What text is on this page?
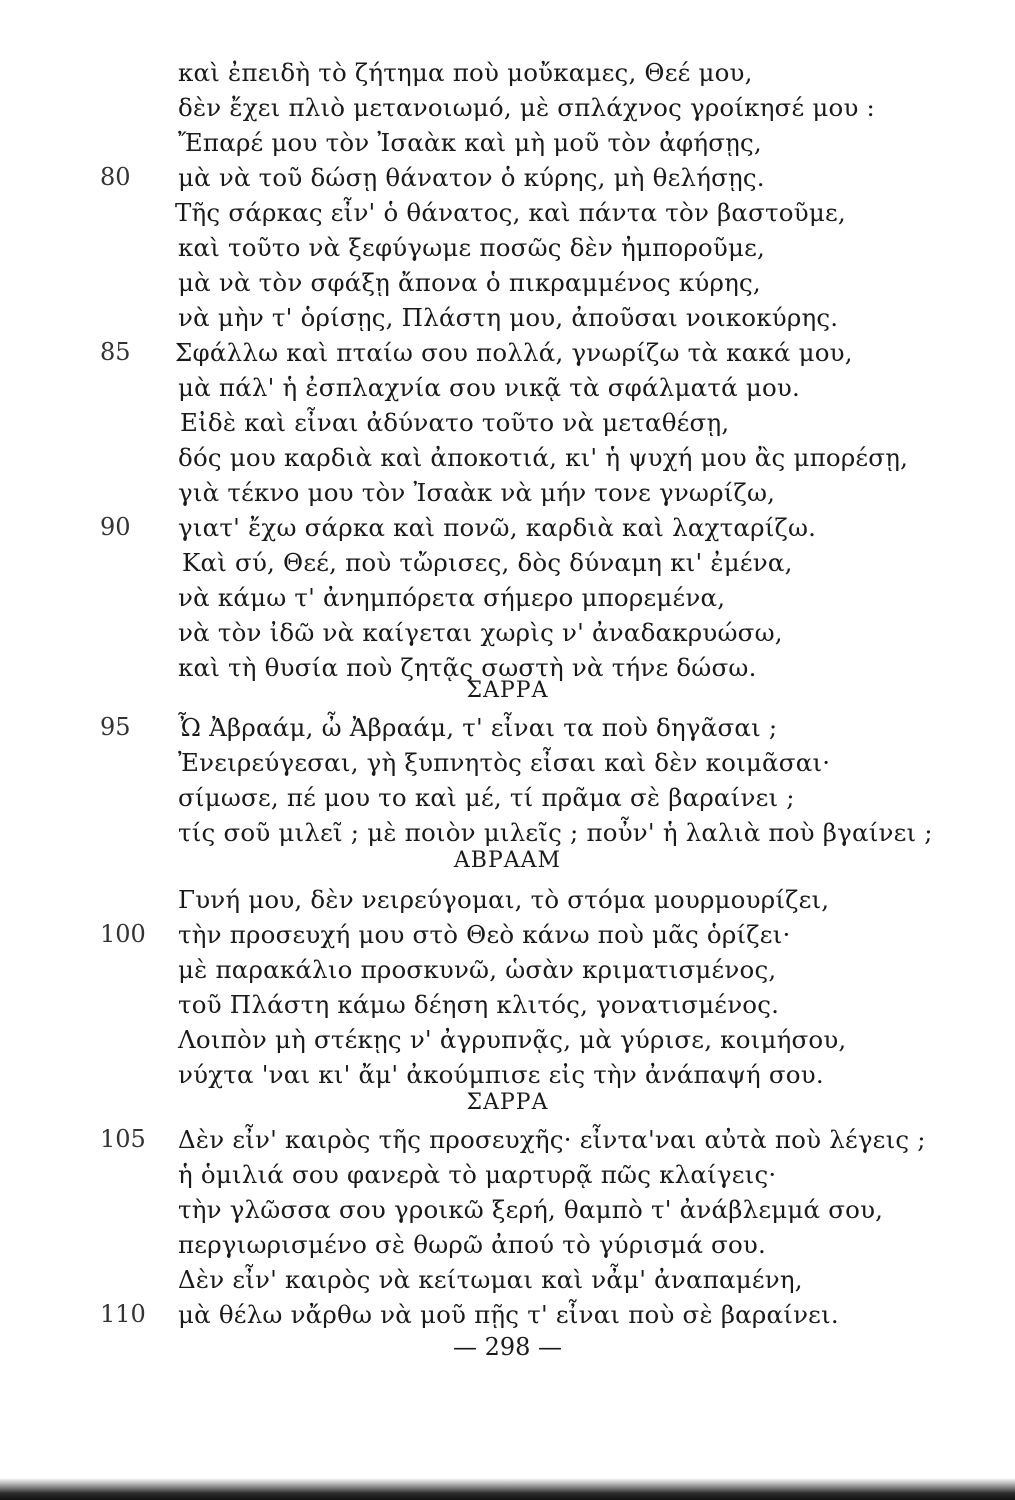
καὶ ἐπειδὴ τὸ ζήτημα ποὺ μοὔκαμες, Θεέ μου,
δὲν ἔχει πλιὸ μετανοιωμό, μὲ σπλάχνος γροίκησέ μου :
Ἔπαρέ μου τὸν Ἰσαὰκ καὶ μὴ μοῦ τὸν ἀφήσῃς,
80	μὰ νὰ τοῦ δώσῃ θάνατον ὁ κύρης, μὴ θελήσῃς.
Τῆς σάρκας εἶν' ὁ θάνατος, καὶ πάντα τὸν βαστοῦμε,
καὶ τοῦτο νὰ ξεφύγωμε ποσῶς δὲν ἠμποροῦμε,
μὰ νὰ τὸν σφάξῃ ἄπονα ὁ πικραμμένος κύρης,
νὰ μὴν τ' ὁρίσῃς, Πλάστη μου, ἀποῦσαι νοικοκύρης.
85	Σφάλλω καὶ πταίω σου πολλά, γνωρίζω τὰ κακά μου,
μὰ πάλ' ἡ ἐσπλαχνία σου νικᾷ τὰ σφάλματά μου.
Εἰδὲ καὶ εἶναι ἀδύνατο τοῦτο νὰ μεταθέσῃ,
δός μου καρδιὰ καὶ ἀποκοτιά, κι' ἡ ψυχή μου ἂς μπορέσῃ,
γιὰ τέκνο μου τὸν Ἰσαὰκ νὰ μήν τονε γνωρίζω,
90	γιατ' ἔχω σάρκα καὶ πονῶ, καρδιὰ καὶ λαχταρίζω.
Καὶ σύ, Θεέ, ποὺ τὤρισες, δὸς δύναμη κι' ἐμένα,
νὰ κάμω τ' ἀνημπόρετα σήμερο μπορεμένα,
νὰ τὸν ἰδῶ νὰ καίγεται χωρὶς ν' ἀναδακρυώσω,
καὶ τὴ θυσία ποὺ ζητᾷς σωστὴ νὰ τήνε δώσω.
ΣΑΡΡΑ
95	Ὦ Ἀβραάμ, ὦ Ἀβραάμ, τ' εἶναι τα ποὺ δηγᾶσαι ;
Ἐνειρεύγεσαι, γὴ ξυπνητὸς εἶσαι καὶ δὲν κοιμᾶσαι·
σίμωσε, πέ μου το καὶ μέ, τί πρᾶμα σὲ βαραίνει ;
τίς σοῦ μιλεῖ ; μὲ ποιὸν μιλεῖς ; ποὖν' ἡ λαλιὰ ποὺ βγαίνει ;
ΑΒΡΑΑΜ
Γυνή μου, δὲν νειρεύγομαι, τὸ στόμα μουρμουρίζει,
100	τὴν προσευχή μου στὸ Θεὸ κάνω ποὺ μᾶς ὁρίζει·
μὲ παρακάλιο προσκυνῶ, ὡσὰν κριματισμένος,
τοῦ Πλάστη κάμω δέηση κλιτός, γονατισμένος.
Λοιπὸν μὴ στέκῃς ν' ἀγρυπνᾷς, μὰ γύρισε, κοιμήσου,
νύχτα 'ναι κι' ἄμ' ἀκούμπισε εἰς τὴν ἀνάπαψή σου.
ΣΑΡΡΑ
105	Δὲν εἶν' καιρὸς τῆς προσευχῆς· εἶντα'ναι αὐτὰ ποὺ λέγεις ;
ἡ ὁμιλιά σου φανερὰ τὸ μαρτυρᾷ πῶς κλαίγεις·
τὴν γλῶσσα σου γροικῶ ξερή, θαμπὸ τ' ἀνάβλεμμά σου,
περγιωρισμένο σὲ θωρῶ ἀπού τὸ γύρισμά σου.
Δὲν εἶν' καιρὸς νὰ κείτωμαι καὶ νἆμ' ἀναπαμένη,
110	μὰ θέλω νἄρθω νὰ μοῦ πῇς τ' εἶναι ποὺ σὲ βαραίνει.
— 298 —
